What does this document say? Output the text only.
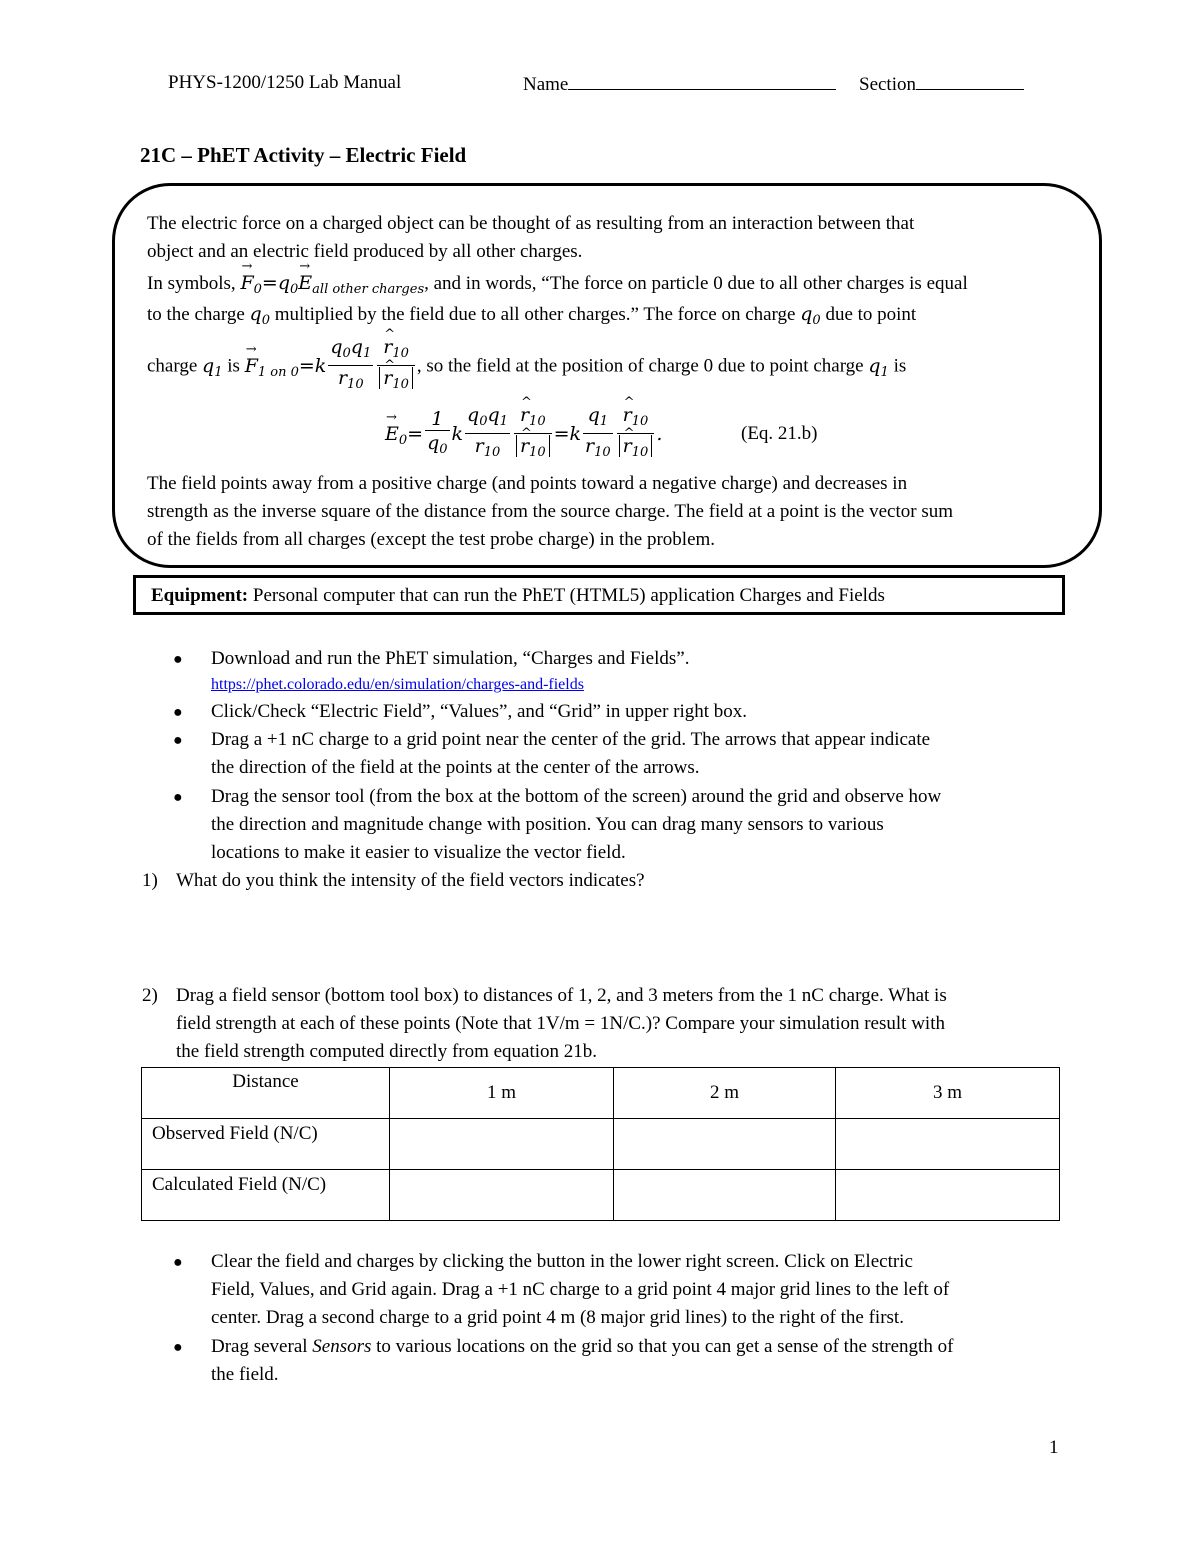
PHYS-1200/1250 Lab Manual	Name	Section
21C – PhET Activity – Electric Field
The electric force on a charged object can be thought of as resulting from an interaction between that
object and an electric field produced by all other charges.
In symbols, → $F_0=q_0\to E_{all other charges}$, and in words, “The force on particle 0 due to all other charges is equal
to the charge $q_0$ multiplied by the field due to all other charges.” The force on charge $q_0$ due to point
charge $q_1$ is → $F_{1 on 0}=k \frac{q_0q_1}{r_{10}}$ ^ $r_{10}$
^ $r_{10}$ , so the field at the position of charge 0 due to point charge $q_1$ is
→ $E_0= \frac{1}{q_0}$ k $\frac{q_0q_1}{r_{10}}$ ^ $r_{10}$
^ $r_{10} =k \frac{q_1}{r_{10}}$ ^ $r_{10}$
^ $r_{10}$ .	(Eq. 21.b)
The field points away from a positive charge (and points toward a negative charge) and decreases in
strength as the inverse square of the distance from the source charge. The field at a point is the vector sum
of the fields from all charges (except the test probe charge) in the problem.
Equipment: Personal computer that can run the PhET (HTML5) application Charges and Fields
● Download and run the PhET simulation, “Charges and Fields”.
https://phet.colorado.edu/en/simulation/charges-and-fields
● Click/Check “Electric Field”, “Values”, and “Grid” in upper right box.
● Drag a +1 nC charge to a grid point near the center of the grid. The arrows that appear indicate
the direction of the field at the points at the center of the arrows.
● Drag the sensor tool (from the box at the bottom of the screen) around the grid and observe how
the direction and magnitude change with position. You can drag many sensors to various
locations to make it easier to visualize the vector field.
1) What do you think the intensity of the field vectors indicates?
2) Drag a field sensor (bottom tool box) to distances of 1, 2, and 3 meters from the 1 nC charge. What is
field strength at each of these points (Note that 1V/m = 1N/C.)? Compare your simulation result with
the field strength computed directly from equation 21b.
Distance	1 m	2 m	3 m
Observed Field (N/C)			
Calculated Field (N/C)			
● Clear the field and charges by clicking the button in the lower right screen. Click on Electric
Field, Values, and Grid again. Drag a +1 nC charge to a grid point 4 major grid lines to the left of
center. Drag a second charge to a grid point 4 m (8 major grid lines) to the right of the first.
● Drag several Sensors to various locations on the grid so that you can get a sense of the strength of
the field.
1
